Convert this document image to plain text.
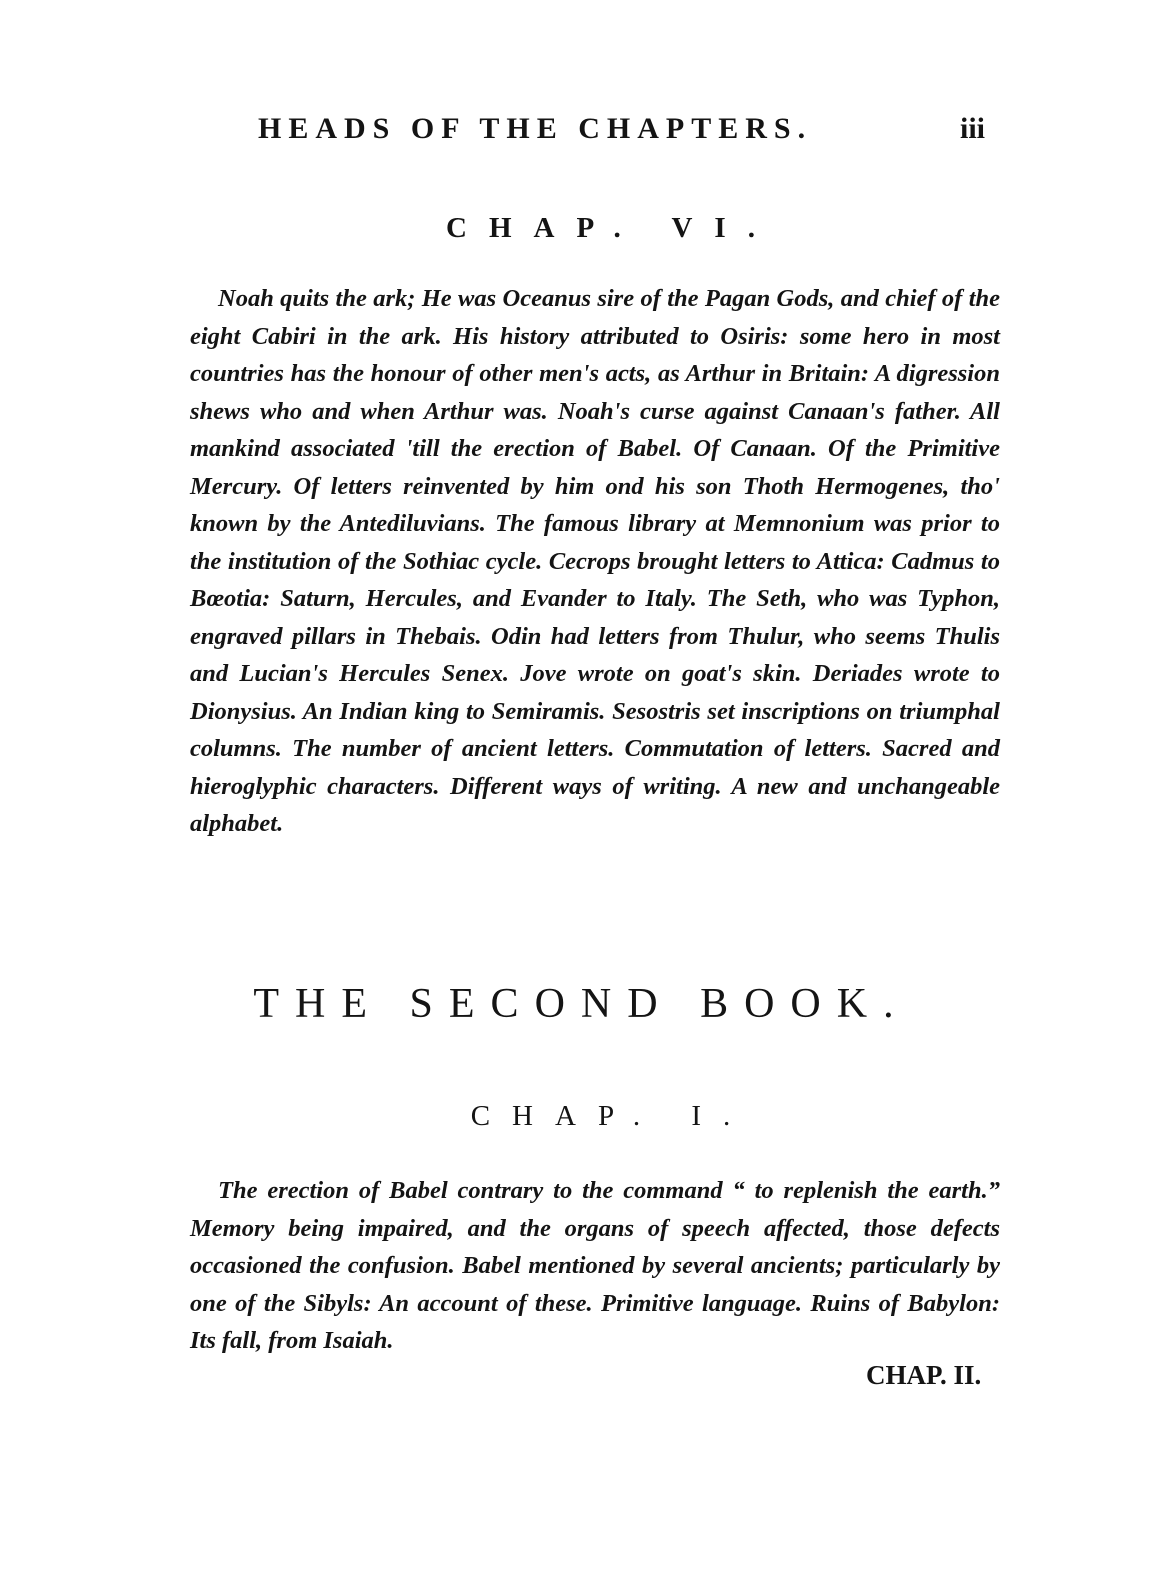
HEADS OF THE CHAPTERS.	iii
CHAP. VI.

Noah quits the ark; He was Oceanus sire of the Pagan Gods, and chief of the eight Cabiri in the ark. His history attributed to Osiris: some hero in most countries has the honour of other men's acts, as Arthur in Britain: A digression shews who and when Arthur was. Noah's curse against Canaan's father. All mankind associated 'till the erection of Babel. Of Canaan. Of the Primitive Mercury. Of letters reinvented by him ond his son Thoth Hermogenes, tho' known by the Antediluvians. The famous library at Memnonium was prior to the institution of the Sothiac cycle. Cecrops brought letters to Attica: Cadmus to Bœotia: Saturn, Hercules, and Evander to Italy. The Seth, who was Typhon, engraved pillars in Thebais. Odin had letters from Thulur, who seems Thulis and Lucian's Hercules Senex. Jove wrote on goat's skin. Deriades wrote to Dionysius. An Indian king to Semiramis. Sesostris set inscriptions on triumphal columns. The number of ancient letters. Commutation of letters. Sacred and hieroglyphic characters. Different ways of writing. A new and unchangeable alphabet.

THE SECOND BOOK.
CHAP. I.

The erection of Babel contrary to the command “ to replenish the earth.” Memory being impaired, and the organs of speech affected, those defects occasioned the confusion. Babel mentioned by several ancients; particularly by one of the Sibyls: An account of these. Primitive language. Ruins of Babylon: Its fall, from Isaiah.

CHAP. II.
